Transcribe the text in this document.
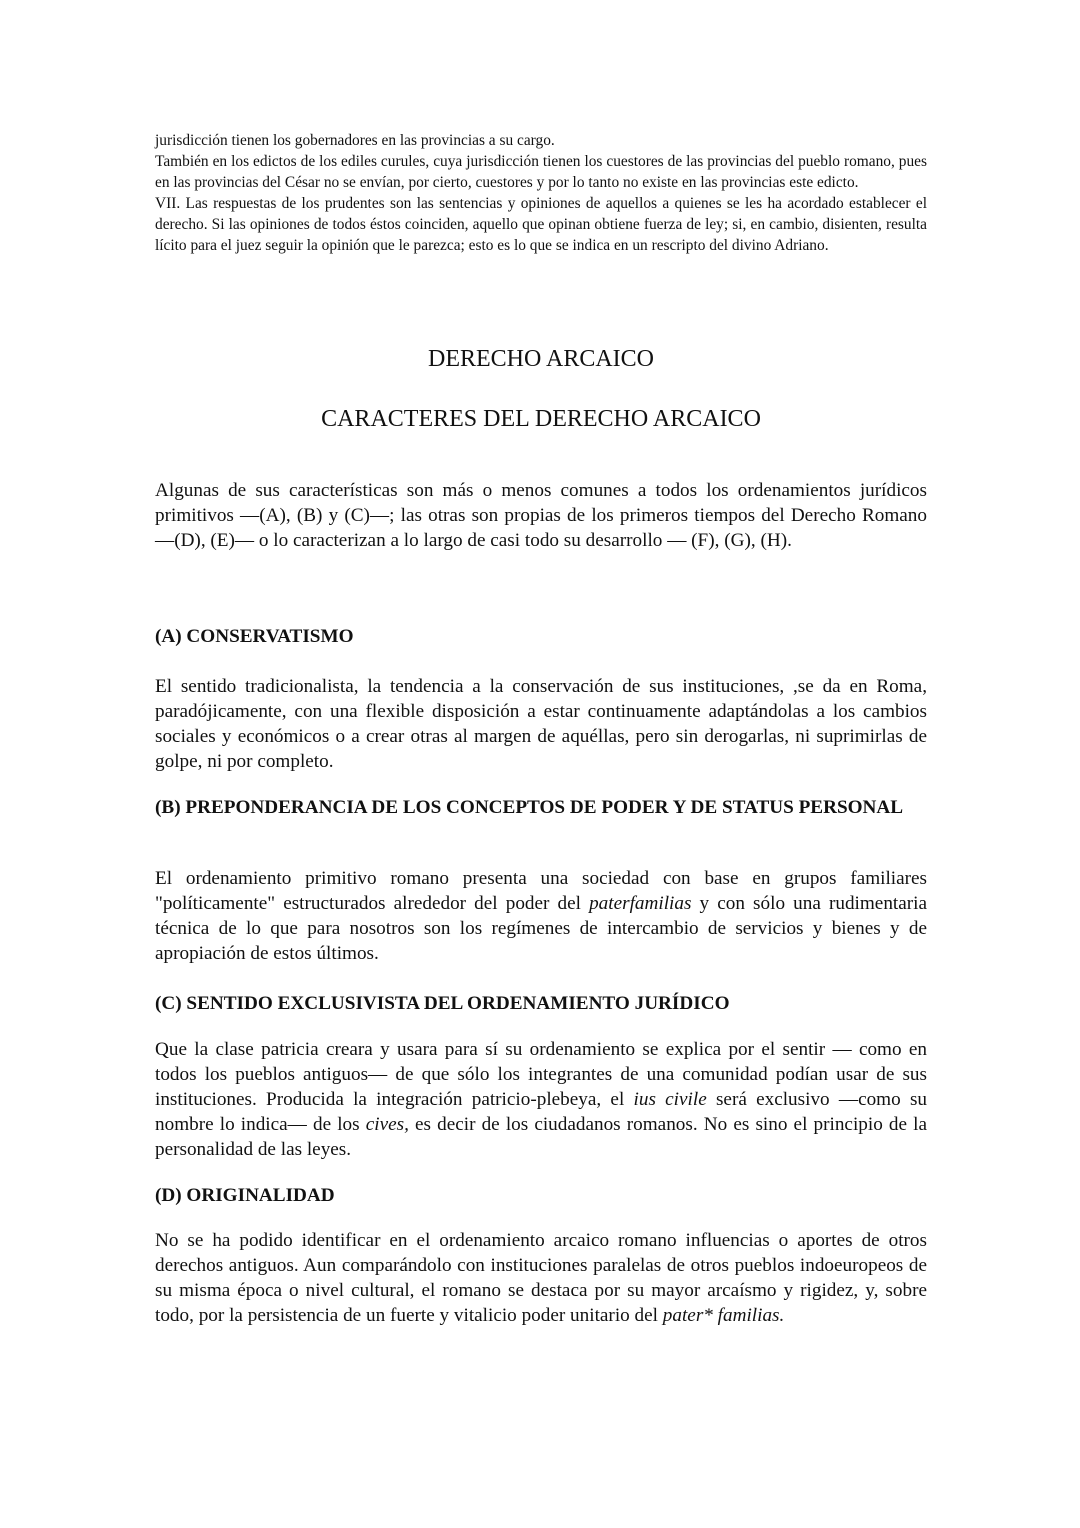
jurisdicción tienen los gobernadores en las provincias a su cargo.

También en los edictos de los ediles curules, cuya jurisdicción tienen los cuestores de las provincias del pueblo romano, pues en las provincias del César no se envían, por cierto, cuestores y por lo tanto no existe en las provincias este edicto.

VII. Las respuestas de los prudentes son las sentencias y opiniones de aquellos a quienes se les ha acordado establecer el derecho. Si las opiniones de todos éstos coinciden, aquello que opinan obtiene fuerza de ley; si, en cambio, disienten, resulta lícito para el juez seguir la opinión que le parezca; esto es lo que se indica en un rescripto del divino Adriano.

DERECHO ARCAICO
CARACTERES DEL DERECHO ARCAICO

Algunas de sus características son más o menos comunes a todos los ordenamientos jurídicos primitivos —(A), (B) y (C)—; las otras son propias de los primeros tiempos del Derecho Romano —(D), (E)— o lo caracterizan a lo largo de casi todo su desarrollo — (F), (G), (H).

(A) CONSERVATISMO

El sentido tradicionalista, la tendencia a la conservación de sus instituciones, ,se da en Roma, paradójicamente, con una flexible disposición a estar continuamente adaptándolas a los cambios sociales y económicos o a crear otras al margen de aquéllas, pero sin derogarlas, ni suprimirlas de golpe, ni por completo.

(B) PREPONDERANCIA DE LOS CONCEPTOS DE PODER Y DE STATUS PERSONAL

El ordenamiento primitivo romano presenta una sociedad con base en grupos familiares "políticamente" estructurados alrededor del poder del paterfamilias y con sólo una rudimentaria técnica de lo que para nosotros son los regímenes de intercambio de servicios y bienes y de apropiación de estos últimos.

(C) SENTIDO EXCLUSIVISTA DEL ORDENAMIENTO JURÍDICO

Que la clase patricia creara y usara para sí su ordenamiento se explica por el sentir — como en todos los pueblos antiguos— de que sólo los integrantes de una comunidad podían usar de sus instituciones. Producida la integración patricio-plebeya, el ius civile será exclusivo —como su nombre lo indica— de los cives, es decir de los ciudadanos romanos. No es sino el principio de la personalidad de las leyes.

(D) ORIGINALIDAD

No se ha podido identificar en el ordenamiento arcaico romano influencias o aportes de otros derechos antiguos. Aun comparándolo con instituciones paralelas de otros pueblos indoeuropeos de su misma época o nivel cultural, el romano se destaca por su mayor arcaísmo y rigidez, y, sobre todo, por la persistencia de un fuerte y vitalicio poder unitario del pater* familias.
